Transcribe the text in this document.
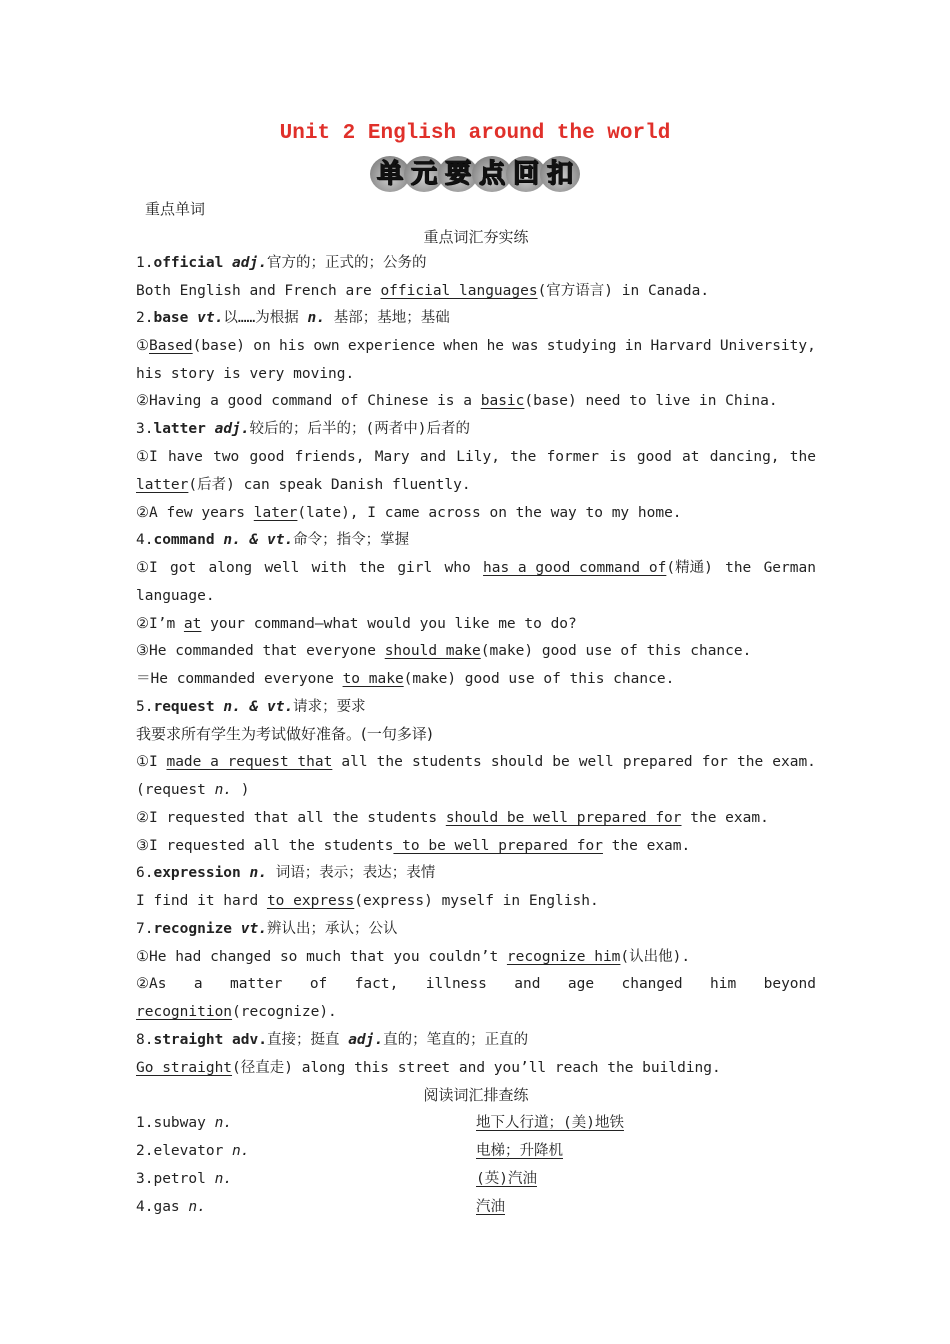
Unit 2 English around the world
单 元 要 点 回 扣
重点单词
重点词汇夯实练
1.official adj.官方的；正式的；公务的
Both English and French are official languages(官方语言) in Canada.
2.base vt.以……为根据 n. 基部；基地；基础
①Based(base) on his own experience when he was studying in Harvard University,
his story is very moving.
②Having a good command of Chinese is a basic(base) need to live in China.
3.latter adj.较后的；后半的；(两者中)后者的
①I have two good friends, Mary and Lily, the former is good at dancing, the
latter(后者) can speak Danish fluently.
②A few years later(late), I came across on the way to my home.
4.command n. & vt.命令；指令；掌握
①I got along well with the girl who has a good command of(精通) the German
language.
②I’m at your command—what would you like me to do?
③He commanded that everyone should make(make) good use of this chance.
＝He commanded everyone to make(make) good use of this chance.
5.request n. & vt.请求；要求
我要求所有学生为考试做好准备。(一句多译)
①I made a request that all the students should be well prepared for the exam.
(request n. )
②I requested that all the students should be well prepared for the exam.
③I requested all the students to be well prepared for the exam.
6.expression n. 词语；表示；表达；表情
I find it hard to express(express) myself in English.
7.recognize vt.辨认出；承认；公认
①He had changed so much that you couldn’t recognize him(认出他).
②As a matter of fact, illness and age changed him beyond
recognition(recognize).
8.straight adv.直接；挺直 adj.直的；笔直的；正直的
Go straight(径直走) along this street and you’ll reach the building.
阅读词汇排查练
1.subway n.	地下人行道；(美)地铁
2.elevator n.	电梯；升降机
3.petrol n.	(英)汽油
4.gas n.	汽油
